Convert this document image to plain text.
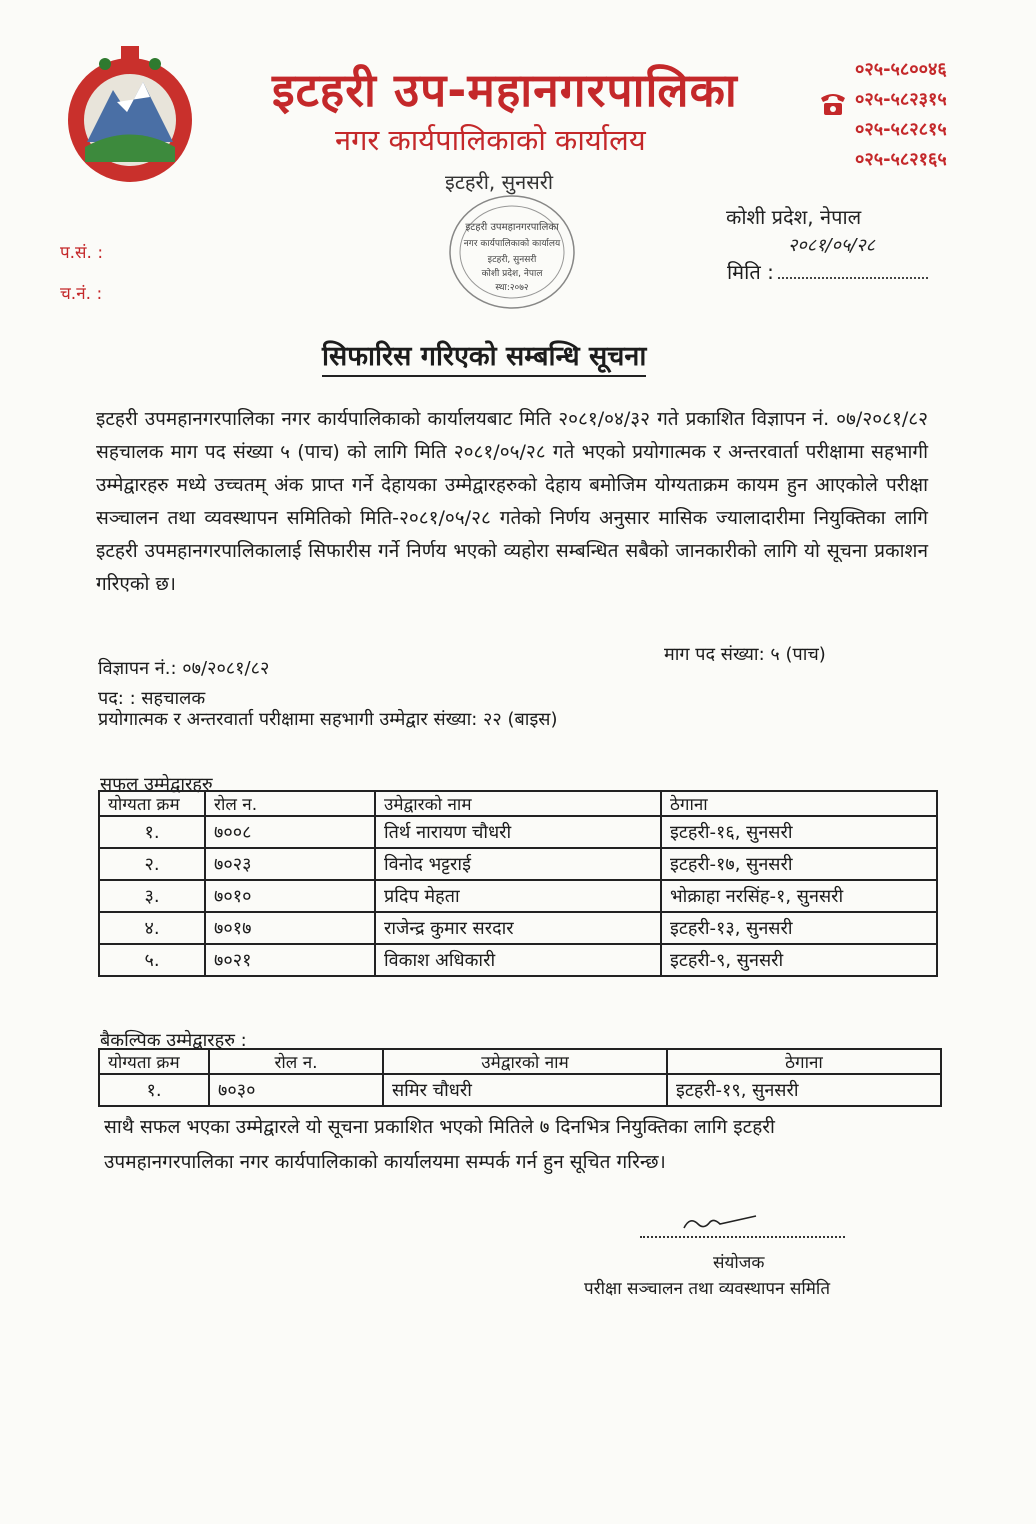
इटहरी उप-महानगरपालिका
नगर कार्यपालिकाको कार्यालय
इटहरी, सुनसरी
०२५-५८००४६
०२५-५८२३१५
०२५-५८२८१५
०२५-५८२१६५
कोशी प्रदेश, नेपाल
२०८१/०५/२८
मिति :
प.सं. :
च.नं. :
इटहरी उपमहानगरपालिका
नगर कार्यपालिकाको कार्यालय
इटहरी, सुनसरी
कोशी प्रदेश, नेपाल
स्था:२०७२
सिफारिस गरिएको सम्बन्धि सूचना
इटहरी उपमहानगरपालिका नगर कार्यपालिकाको कार्यालयबाट मिति २०८१/०४/३२ गते प्रकाशित विज्ञापन नं. ०७/२०८१/८२ सहचालक माग पद संख्या ५ (पाच) को लागि मिति २०८१/०५/२८ गते भएको प्रयोगात्मक र अन्तरवार्ता परीक्षामा सहभागी उम्मेद्वारहरु मध्ये उच्चतम् अंक प्राप्त गर्ने देहायका उम्मेद्वारहरुको देहाय बमोजिम योग्यताक्रम कायम हुन आएकोले परीक्षा सञ्चालन तथा व्यवस्थापन समितिको मिति-२०८१/०५/२८ गतेको निर्णय अनुसार मासिक ज्यालादारीमा नियुक्तिका लागि इटहरी उपमहानगरपालिकालाई सिफारीस गर्ने निर्णय भएको व्यहोरा सम्बन्धित सबैको जानकारीको लागि यो सूचना प्रकाशन गरिएको छ।
विज्ञापन नं.: ०७/२०८१/८२
माग पद संख्या: ५ (पाच)
पद: : सहचालक
प्रयोगात्मक र अन्तरवार्ता परीक्षामा सहभागी उम्मेद्वार संख्या: २२ (बाइस)
सफल उम्मेद्वारहरु
योग्यता क्रम	रोल न.	उमेद्वारको नाम	ठेगाना
१.	७००८	तिर्थ नारायण चौधरी	इटहरी-१६, सुनसरी
२.	७०२३	विनोद भट्टराई	इटहरी-१७, सुनसरी
३.	७०१०	प्रदिप मेहता	भोक्राहा नरसिंह-१, सुनसरी
४.	७०१७	राजेन्द्र कुमार सरदार	इटहरी-१३, सुनसरी
५.	७०२१	विकाश अधिकारी	इटहरी-९, सुनसरी
बैकल्पिक उम्मेद्वारहरु :
योग्यता क्रम	रोल न.	उमेद्वारको नाम	ठेगाना
१.	७०३०	समिर चौधरी	इटहरी-१९, सुनसरी
साथै सफल भएका उम्मेद्वारले यो सूचना प्रकाशित भएको मितिले ७ दिनभित्र नियुक्तिका लागि इटहरी उपमहानगरपालिका नगर कार्यपालिकाको कार्यालयमा सम्पर्क गर्न हुन सूचित गरिन्छ।
संयोजक
परीक्षा सञ्चालन तथा व्यवस्थापन समिति
